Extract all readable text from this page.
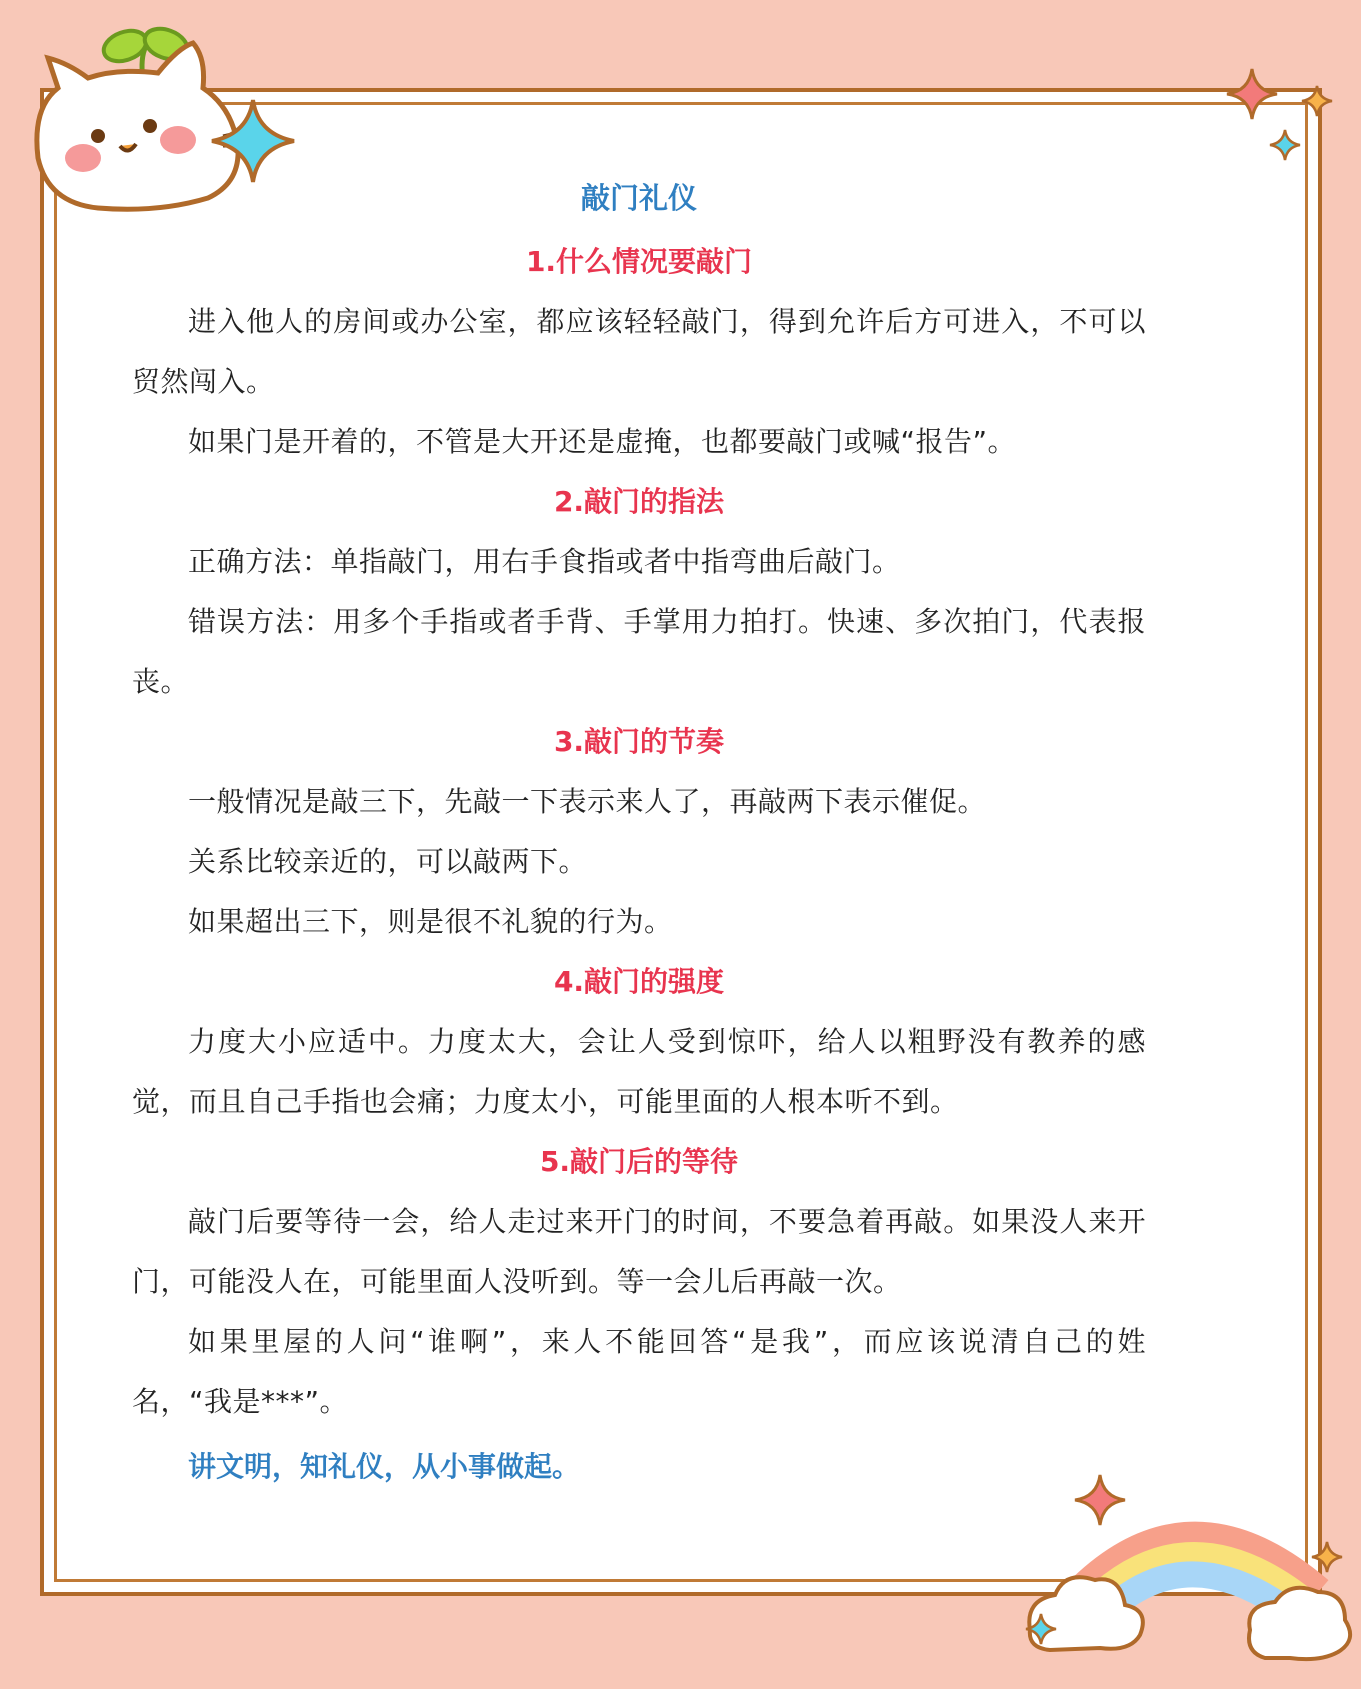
敲门礼仪
1.什么情况要敲门

进入他人的房间或办公室，都应该轻轻敲门，得到允许后方可进入，不可以贸然闯入。

如果门是开着的，不管是大开还是虚掩，也都要敲门或喊“报告”。

2.敲门的指法

正确方法：单指敲门，用右手食指或者中指弯曲后敲门。

错误方法：用多个手指或者手背、手掌用力拍打。快速、多次拍门，代表报丧。

3.敲门的节奏

一般情况是敲三下，先敲一下表示来人了，再敲两下表示催促。

关系比较亲近的，可以敲两下。

如果超出三下，则是很不礼貌的行为。

4.敲门的强度

力度大小应适中。力度太大，会让人受到惊吓，给人以粗野没有教养的感觉，而且自己手指也会痛；力度太小，可能里面的人根本听不到。

5.敲门后的等待

敲门后要等待一会，给人走过来开门的时间，不要急着再敲。如果没人来开门，可能没人在，可能里面人没听到。等一会儿后再敲一次。

如果里屋的人问“谁啊”，来人不能回答“是我”，而应该说清自己的姓名，“我是***”。

讲文明，知礼仪，从小事做起。
